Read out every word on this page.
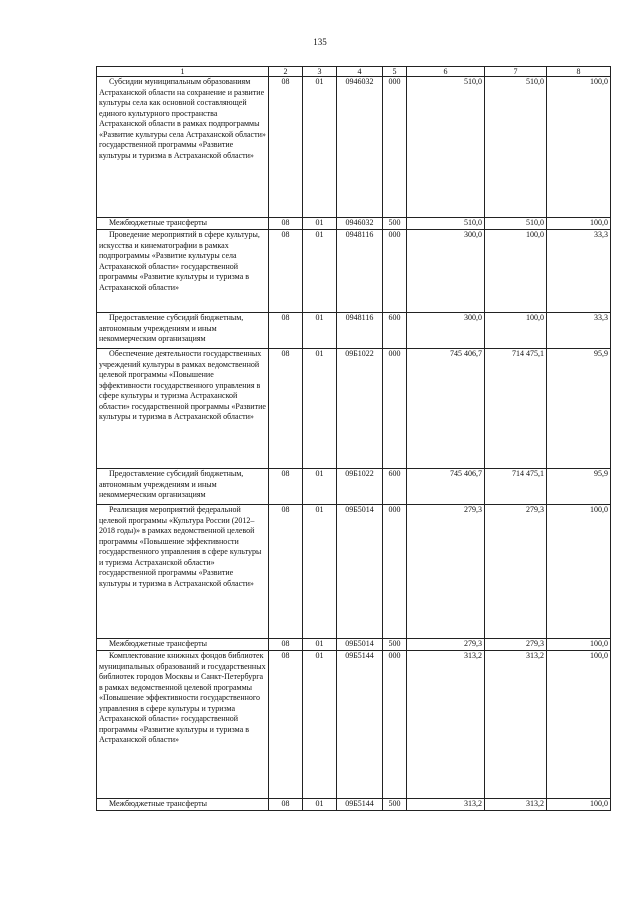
135
1	2	3	4	5	6	7	8
Субсидии муниципальным образованиям Астраханской области на сохранение и развитие культуры села как основной составляющей единого культурного пространства Астраханской области в рамках подпрограммы «Развитие культуры села Астраханской области» государственной программы «Развитие культуры и туризма в Астраханской области»	08	01	0946032	000	510,0	510,0	100,0
Межбюджетные трансферты	08	01	0946032	500	510,0	510,0	100,0
Проведение мероприятий в сфере культуры, искусства и кинематографии в рамках подпрограммы «Развитие культуры села Астраханской области» государственной программы «Развитие культуры и туризма в Астраханской области»	08	01	0948116	000	300,0	100,0	33,3
Предоставление субсидий бюджетным, автономным учреждениям и иным некоммерческим организациям	08	01	0948116	600	300,0	100,0	33,3
Обеспечение деятельности государственных учреждений культуры в рамках ведомственной целевой программы «Повышение эффективности государственного управления в сфере культуры и туризма Астраханской области» государственной программы «Развитие культуры и туризма в Астраханской области»	08	01	09Б1022	000	745 406,7	714 475,1	95,9
Предоставление субсидий бюджетным, автономным учреждениям и иным некоммерческим организациям	08	01	09Б1022	600	745 406,7	714 475,1	95,9
Реализация мероприятий федеральной целевой программы «Культура России (2012–2018 годы)» в рамках ведомственной целевой программы «Повышение эффективности государственного управления в сфере культуры и туризма Астраханской области» государственной программы «Развитие культуры и туризма в Астраханской области»	08	01	09Б5014	000	279,3	279,3	100,0
Межбюджетные трансферты	08	01	09Б5014	500	279,3	279,3	100,0
Комплектование книжных фондов библиотек муниципальных образований и государственных библиотек городов Москвы и Санкт-Петербурга в рамках ведомственной целевой программы «Повышение эффективности государственного управления в сфере культуры и туризма Астраханской области» государственной программы «Развитие культуры и туризма в Астраханской области»	08	01	09Б5144	000	313,2	313,2	100,0
Межбюджетные трансферты	08	01	09Б5144	500	313,2	313,2	100,0
